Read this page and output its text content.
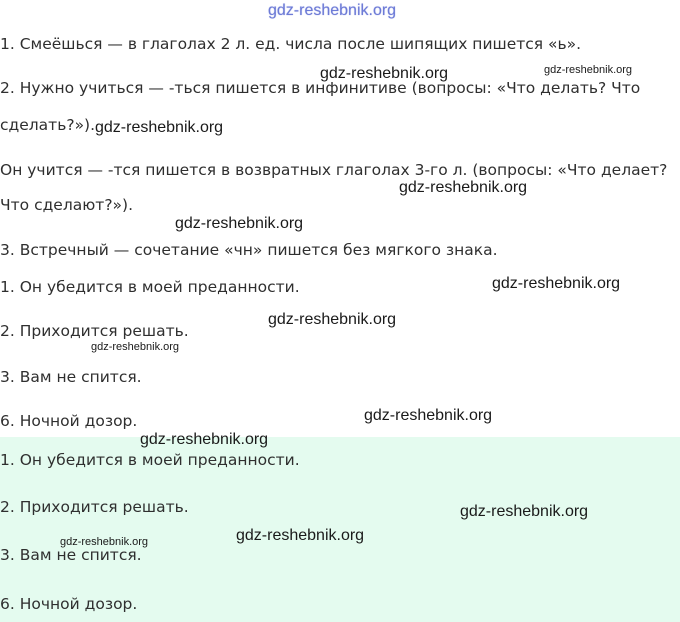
1. Смеёшься — в глаголах 2 л. ед. числа после шипящих пишется «ь».
2. Нужно учиться — -ться пишется в инфинитиве (вопросы: «Что делать? Что
сделать?»).
Он учится — -тся пишется в возвратных глаголах 3-го л. (вопросы: «Что делает?
Что сделают?»).
3. Встречный — сочетание «чн» пишется без мягкого знака.
1. Он убедится в моей преданности.
2. Приходится решать.
3. Вам не спится.
6. Ночной дозор.
1. Он убедится в моей преданности.
2. Приходится решать.
3. Вам не спится.
6. Ночной дозор.
gdz-reshebnik.org
gdz-reshebnik.org	gdz-reshebnik.org
gdz-reshebnik.org
gdz-reshebnik.org
gdz-reshebnik.org
gdz-reshebnik.org
gdz-reshebnik.org
gdz-reshebnik.org
gdz-reshebnik.org
gdz-reshebnik.org
gdz-reshebnik.org
gdz-reshebnik.org
gdz-reshebnik.org
